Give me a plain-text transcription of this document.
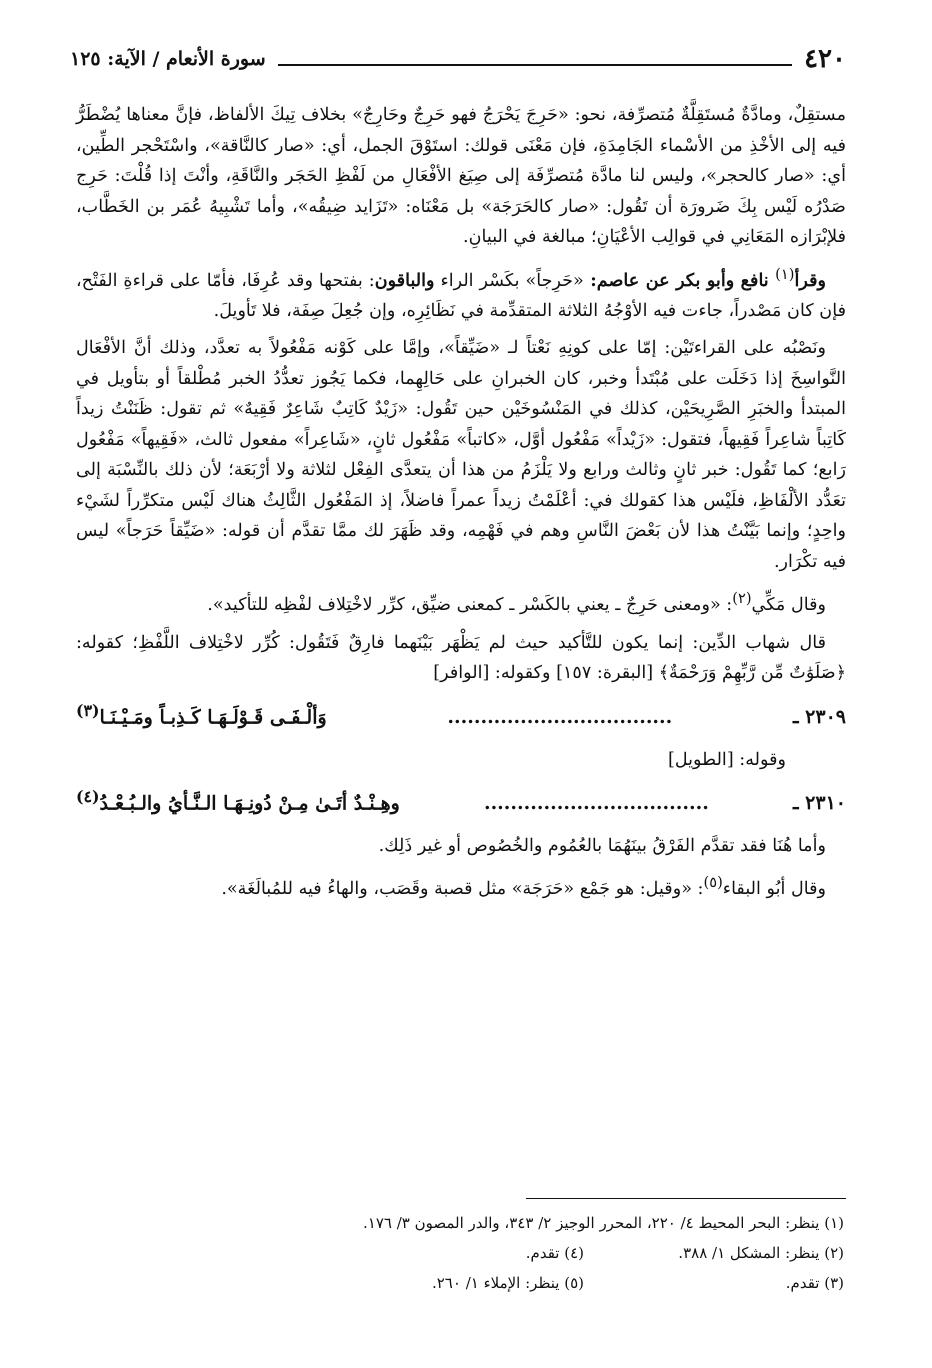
٤٢٠
سورة الأنعام / الآية: ١٢٥

مستقِلٌ، ومادَّةٌ مُستَقِلَّةٌ مُتصرِّفة، نحو: «حَرِجَ يَحْرَجُ فهو حَرِجٌ وحَارِجٌ» بخلاف تِيكَ الألفاظ، فإنَّ معناها يُضْطَرُّ فيه إلى الأخْذِ من الأسْماء الجَامِدَةِ، فإن مَعْنَى قولك: استَوْقَ الجمل، أي: «صار كالنَّاقة»، واسْتَحْجر الطِّين، أي: «صار كالحجر»، وليس لنا مادَّة مُتصرِّفَة إلى صِيَغ الأفْعَالِ من لَفْظِ الحَجَر والنَّاقَةِ، وأنْتَ إذا قُلْتَ: حَرِج صَدْرُه لَيْس بِكَ ضَرورَة أن تَقُول: «صار كالحَرَجَة» بل مَعْنَاه: «تَزَايد ضِيقُه»، وأما تَشْبِيهُ عُمَر بن الخَطَّاب، فلإبْرَازه المَعَانِي في قوالِب الأعْيَانِ؛ مبالغة في البيانِ.

وقرأ$^{(١)}$ نافع وأبو بكر عن عاصم: «حَرِجاً» بكَسْر الراء والباقون: بفتحها وقد عُرِفَا، فأمّا على قراءةِ الفَتْح، فإن كان مَصْدراً، جاءت فيه الأوْجُهُ الثلاثة المتقدِّمة في نَظَائِرِه، وإن جُعِلَ صِفَة، فلا تَأويلَ.

ونَصْبُه على القراءتَيْن: إمّا على كونِهِ نَعْتاً لـ «ضَيِّقاً»، وإمَّا على كَوْنه مَفْعُولاً به تعدَّد، وذلك أنَّ الأفْعَال النَّواسِخَ إذا دَخَلَت على مُبْتَدأ وخبر، كان الخبرانِ على حَالِهِما، فكما يَجُوز تعدُّدُ الخبر مُطْلقاً أو بتأويل في المبتدأ والخبَرِ الصَّرِيحَيْن، كذلك في المَنْسُوخَيْن حين تَقُول: «زَيْدٌ كَاتِبٌ شَاعِرٌ فَقِيهٌ» ثم تقول: ظَنَنْتُ زيداً كَاتِباً شاعِراً فَقِيهاً، فتقول: «زَيْداً» مَفْعُول أوَّل، «كاتباً» مَفْعُول ثانٍ، «شَاعِراً» مفعول ثالث، «فَقِيهاً» مَفْعُول رَابع؛ كما تَقُول: خبر ثانٍ وثالث ورابع ولا يَلْزَمُ من هذا أن يتعدَّى الفِعْل لثلاثة ولا أرْبَعَة؛ لأن ذلك بالنِّسْبَة إلى تعَدُّد الألْفَاظِ، فلَيْس هذا كقولك في: أعْلَمْتُ زيداً عمراً فاضلاً، إذ المَفْعُول الثَّالِثُ هناك لَيْس متكرِّراً لشَيْء واحِدٍ؛ وإنما بَيَّنْتُ هذا لأن بَعْضَ النَّاسِ وهم في فَهْمِه، وقد ظَهَرَ لك ممَّا تقدَّم أن قوله: «ضَيِّقاً حَرَجاً» ليس فيه تكْرَار.

وقال مَكِّي$^{(٢)}$: «ومعنى حَرِجٌ ـ يعني بالكَسْر ـ كمعنى ضيِّق، كرِّر لاخْتِلاف لفْظِه للتأكيد».

قال شهاب الدِّين: إنما يكون للتَّأكيد حيث لم يَظْهَر بَيْنَهما فارِقٌ فَتَقُول: كُرِّر لاخْتِلاف اللَّفْظِ؛ كقوله: ﴿صَلَوَٰتٌ مِّن رَّبِّهِمْ وَرَحْمَةٌ﴾ [البقرة: ١٥٧] وكقوله: [الوافر]

٢٣٠٩ ـ
..................................
وَألْـفَـى قَـوْلَـهَـا كَـذِبـاً ومَـيْـنَـا$^{(٣)}$

وقوله: [الطويل]

٢٣١٠ ـ
..................................
وهِـنْـدٌ أتَـىٰ مِـنْ دُونِـهَـا الـنَّـأيُ والـبُـعْـدُ$^{(٤)}$

وأما هُنَا فقد تقدَّم الفَرْقُ بينَهُمَا بالعُمُوم والخُصُوص أو غير ذَلِك.

وقال أبُو البقاء$^{(٥)}$: «وقيل: هو جَمْع «حَرَجَة» مثل قصبة وقَصَب، والهاءُ فيه للمُبالَغَة».

(١) ينظر: البحر المحيط ٤/ ٢٢٠، المحرر الوجيز ٢/ ٣٤٣، والدر المصون ٣/ ١٧٦.
(٢) ينظر: المشكل ١/ ٣٨٨.
(٤) تقدم.
(٣) تقدم.
(٥) ينظر: الإملاء ١/ ٢٦٠.
